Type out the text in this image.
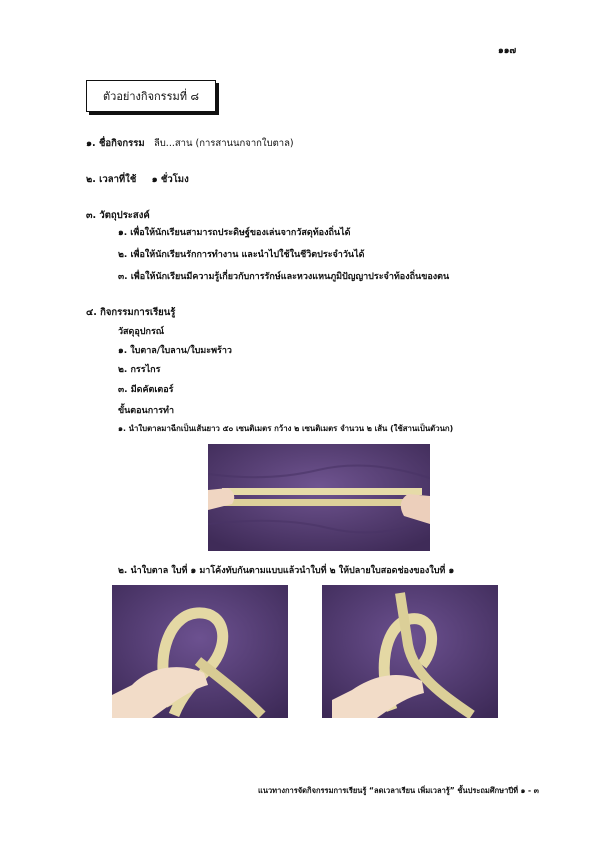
๑๑๗
ตัวอย่างกิจกรรมที่ ๘
๑. ชื่อกิจกรรม ลีบ...สาน (การสานนกจากใบตาล)
๒. เวลาที่ใช้ ๑ ชั่วโมง
๓. วัตถุประสงค์
๑. เพื่อให้นักเรียนสามารถประดิษฐ์ของเล่นจากวัสดุท้องถิ่นได้
๒. เพื่อให้นักเรียนรักการทำงาน และนำไปใช้ในชีวิตประจำวันได้
๓. เพื่อให้นักเรียนมีความรู้เกี่ยวกับการรักษ์และหวงแหนภูมิปัญญาประจำท้องถิ่นของตน
๔. กิจกรรมการเรียนรู้
วัสดุอุปกรณ์
๑. ใบตาล/ใบลาน/ใบมะพร้าว
๒. กรรไกร
๓. มีดคัตเตอร์
ขั้นตอนการทำ
๑. นำใบตาลมาฉีกเป็นเส้นยาว ๕๐ เซนติเมตร กว้าง ๒ เซนติเมตร จำนวน ๒ เส้น (ใช้สานเป็นตัวนก)
๒. นำใบตาล ใบที่ ๑ มาโค้งทับกันตามแบบแล้วนำใบที่ ๒ ให้ปลายใบสอดช่องของใบที่ ๑
แนวทางการจัดกิจกรรมการเรียนรู้ “ลดเวลาเรียน เพิ่มเวลารู้” ชั้นประถมศึกษาปีที่ ๑ - ๓
